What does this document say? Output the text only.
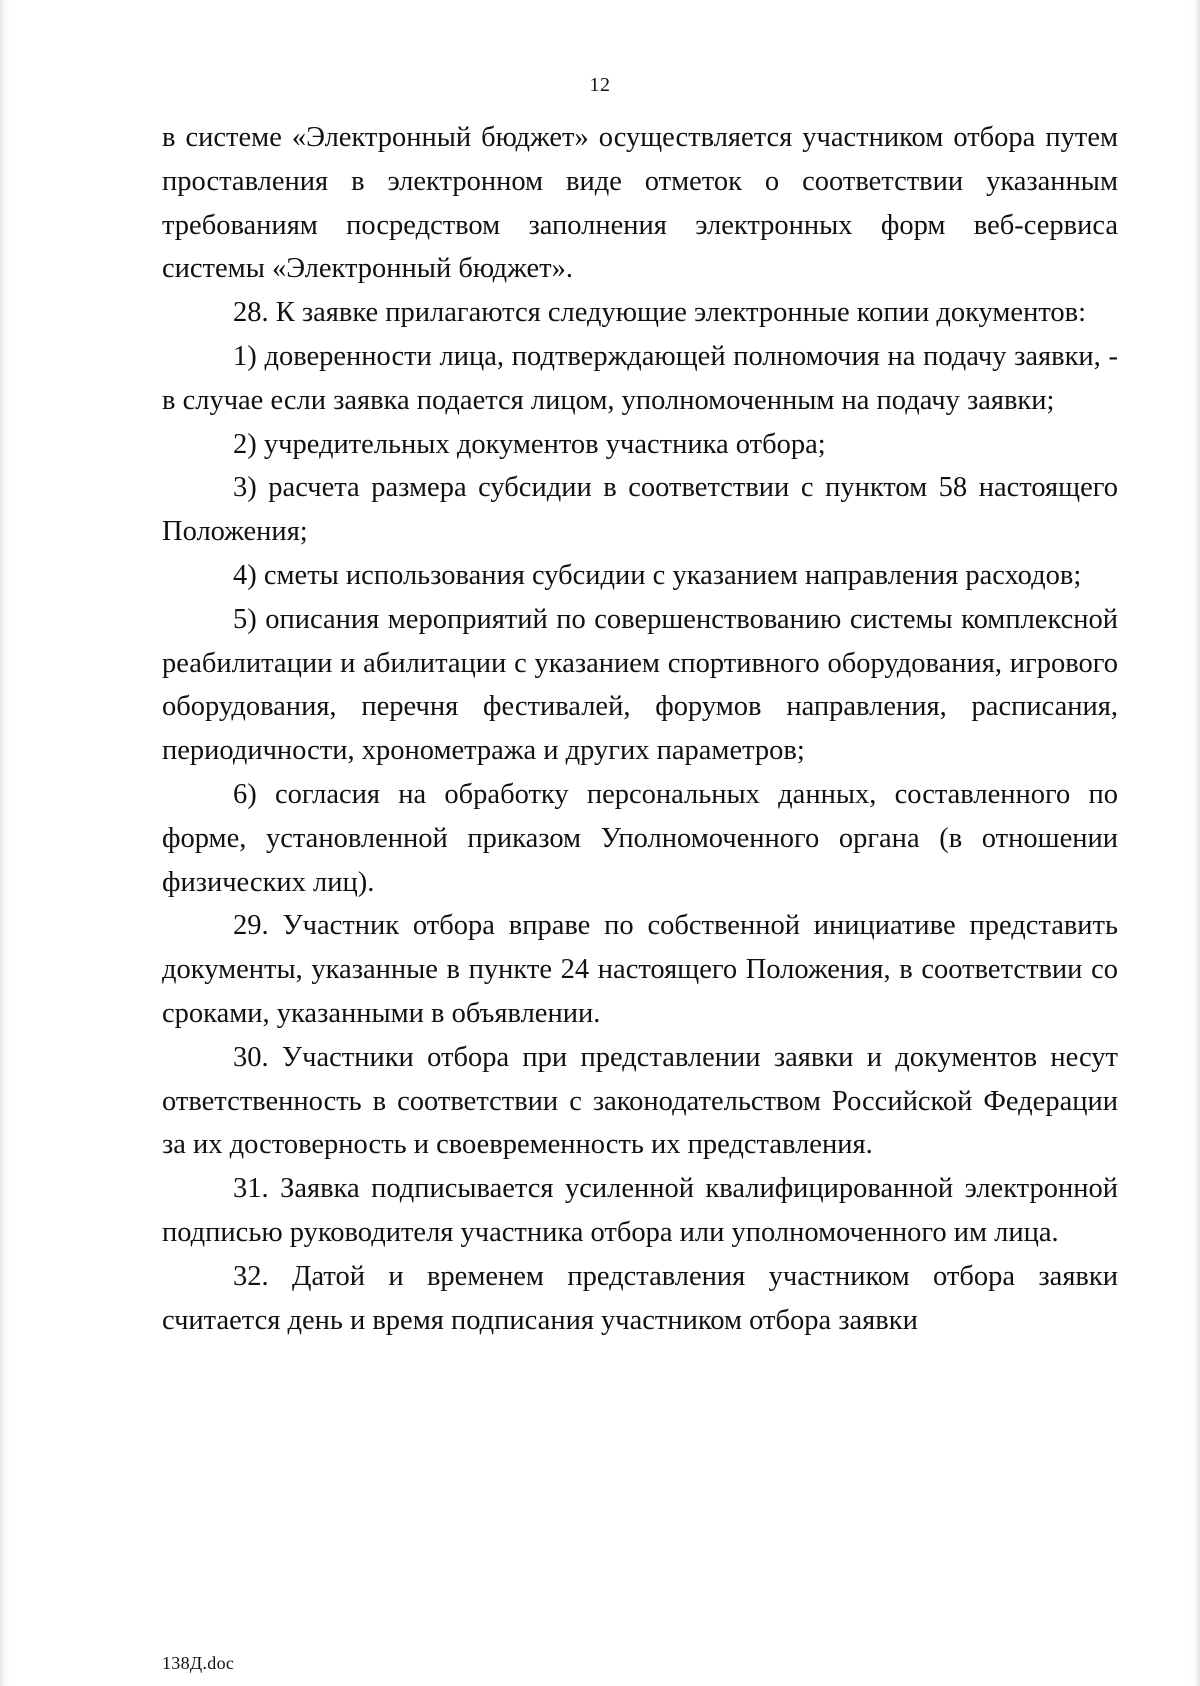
12

в системе «Электронный бюджет» осуществляется участником отбора путем проставления в электронном виде отметок о соответствии указанным требованиям посредством заполнения электронных форм веб-сервиса системы «Электронный бюджет».

28. К заявке прилагаются следующие электронные копии документов:

1) доверенности лица, подтверждающей полномочия на подачу заявки, - в случае если заявка подается лицом, уполномоченным на подачу заявки;

2) учредительных документов участника отбора;

3) расчета размера субсидии в соответствии с пунктом 58 настоящего Положения;

4) сметы использования субсидии с указанием направления расходов;

5) описания мероприятий по совершенствованию системы комплексной реабилитации и абилитации с указанием спортивного оборудования, игрового оборудования, перечня фестивалей, форумов направления, расписания, периодичности, хронометража и других параметров;

6) согласия на обработку персональных данных, составленного по форме, установленной приказом Уполномоченного органа (в отношении физических лиц).

29. Участник отбора вправе по собственной инициативе представить документы, указанные в пункте 24 настоящего Положения, в соответствии со сроками, указанными в объявлении.

30. Участники отбора при представлении заявки и документов несут ответственность в соответствии с законодательством Российской Федерации за их достоверность и своевременность их представления.

31. Заявка подписывается усиленной квалифицированной электронной подписью руководителя участника отбора или уполномоченного им лица.

32. Датой и временем представления участником отбора заявки считается день и время подписания участником отбора заявки

138Д.doc
